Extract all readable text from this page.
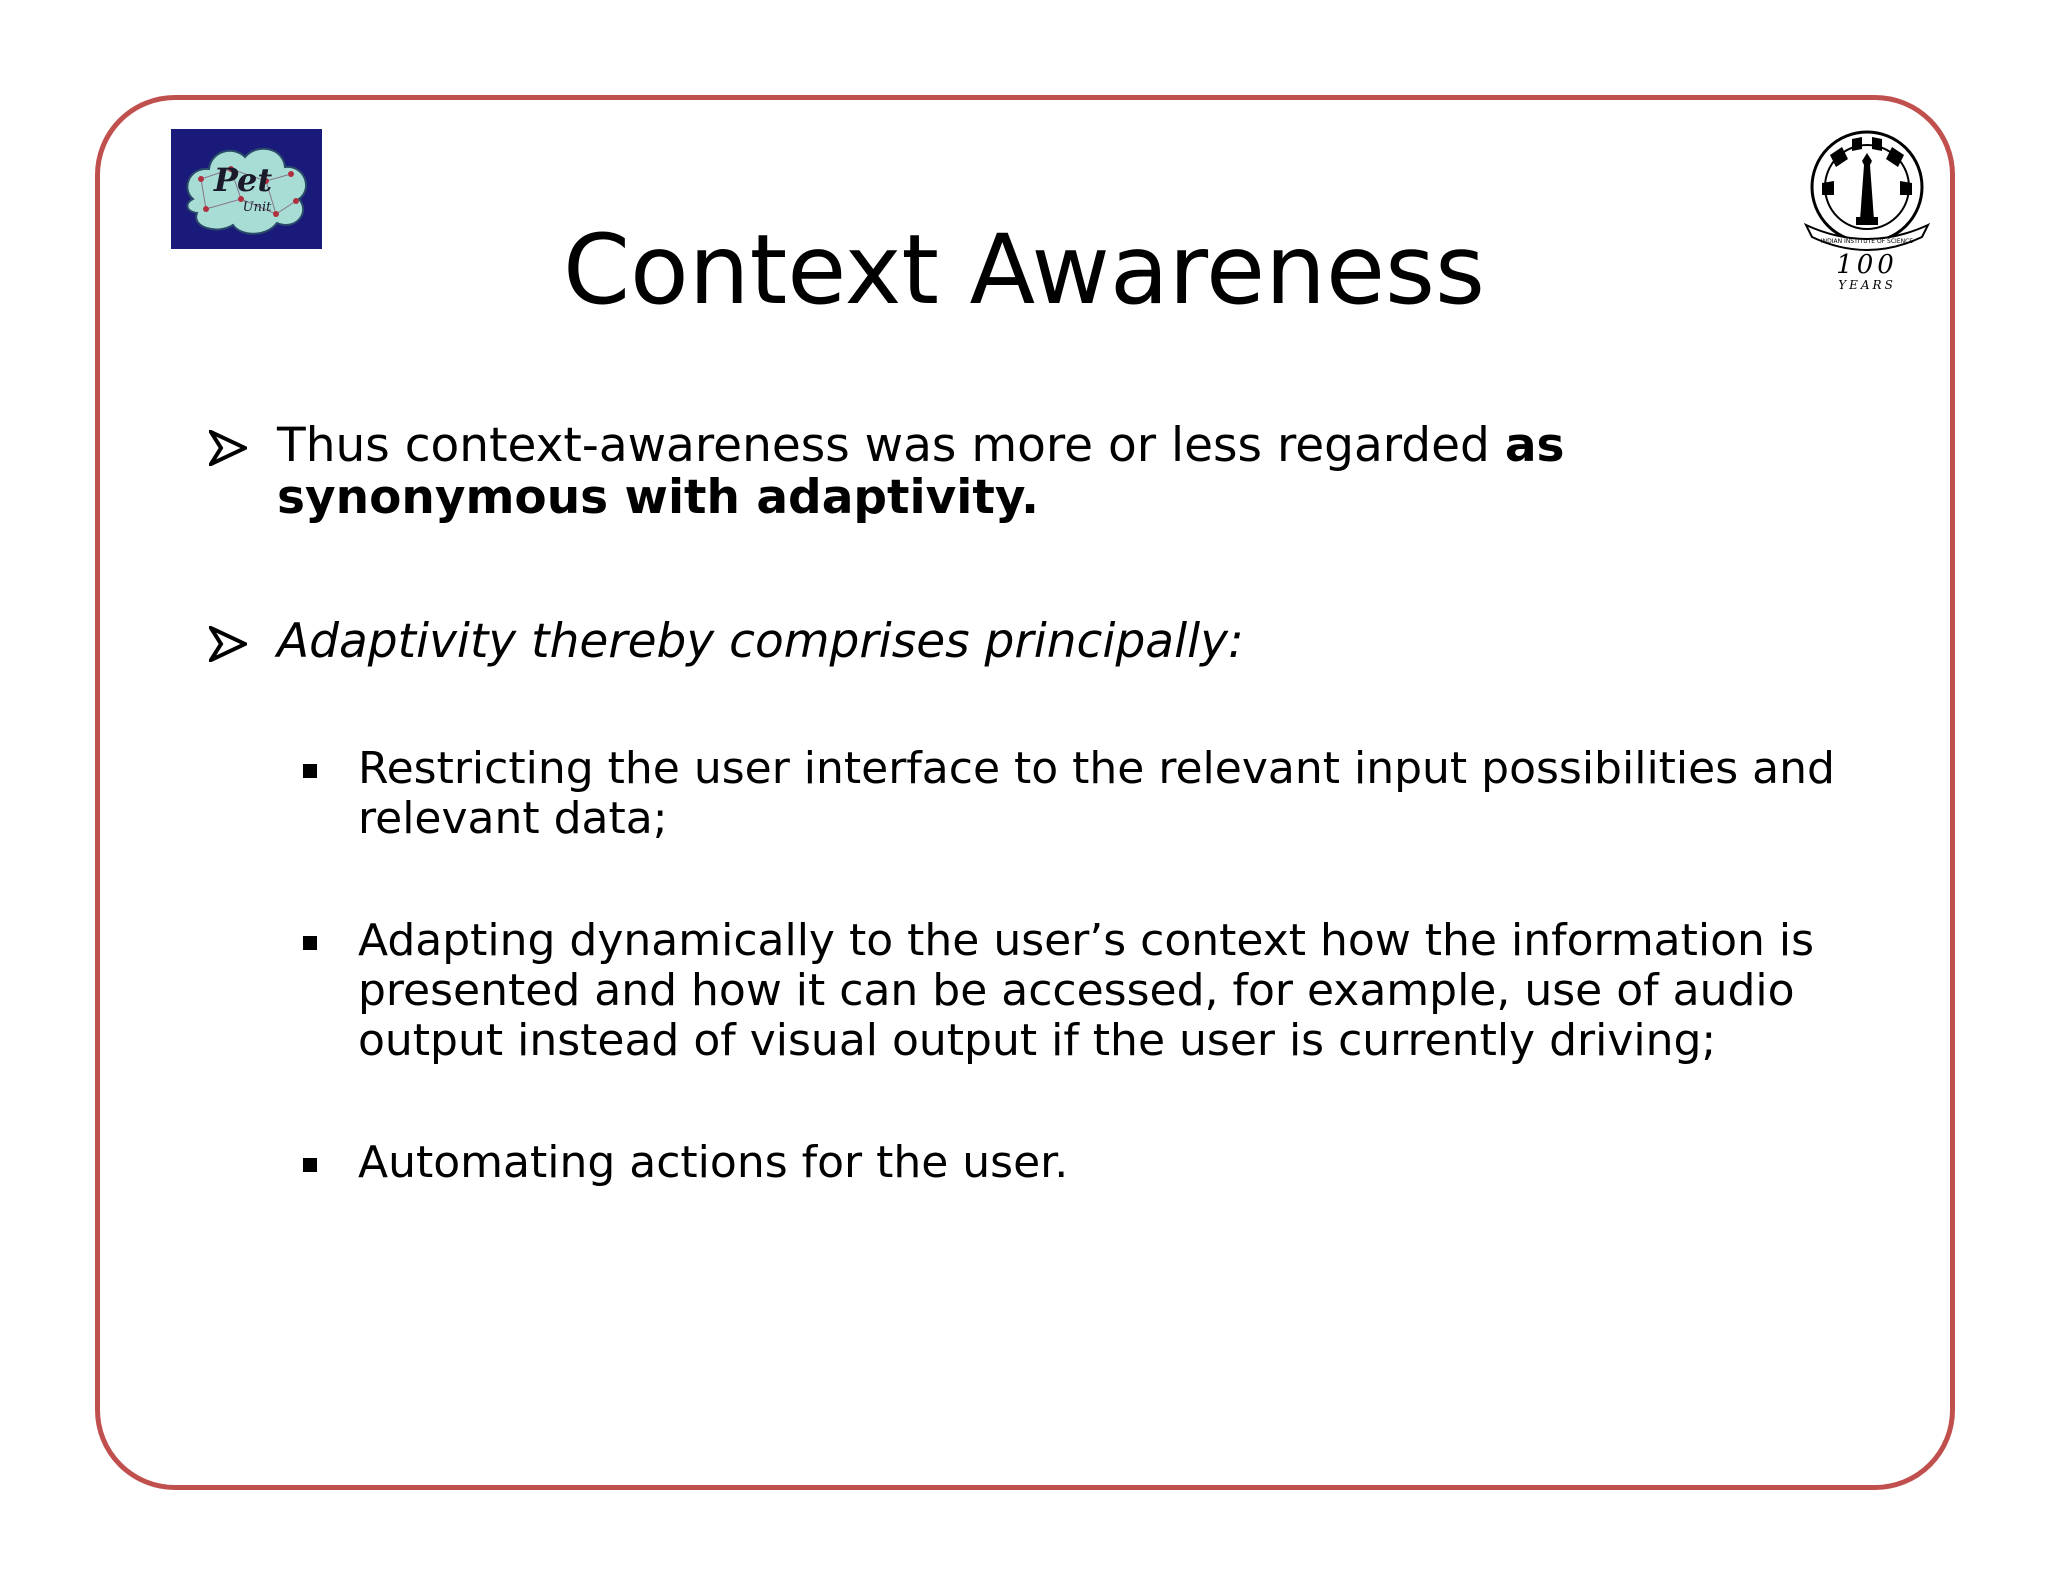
Pet
Unit
INDIAN INSTITUTE OF SCIENCE
100
YEARS
Context Awareness
Thus context-awareness was more or less regarded as synonymous with adaptivity.
Adaptivity thereby comprises principally:
Restricting the user interface to the relevant input possibilities and relevant data;
Adapting dynamically to the user’s context how the information is presented and how it can be accessed, for example, use of audio output instead of visual output if the user is currently driving;
Automating actions for the user.
